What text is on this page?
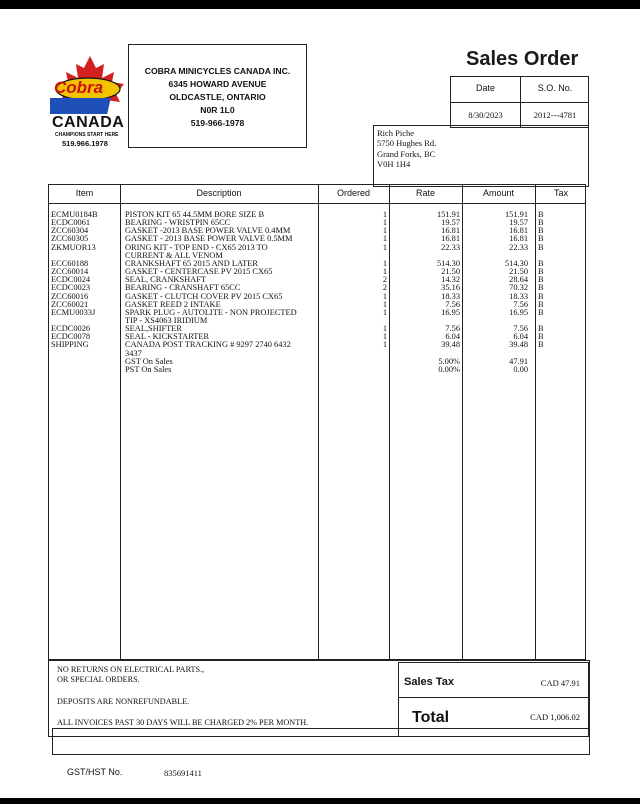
Cobra
CANADA
CHAMPIONS START HERE
519.966.1978
COBRA MINICYCLES CANADA INC.
6345 HOWARD AVENUE
OLDCASTLE, ONTARIO
N0R 1L0
519-966-1978
Sales Order
Date	S.O. No.
8/30/2023	2012---4781
Rich Piche
5750 Hughes Rd.
Grand Forks, BC
V0H 1H4
Item	Description	Ordered	Rate	Amount	Tax
ECMU0184B	PISTON KIT 65 44.5MM BORE SIZE B	1	151.91	151.91 B
ECDC0061	BEARING - WRISTPIN 65CC	1	19.57	19.57 B
ZCC60304	GASKET -2013 BASE POWER VALVE 0.4MM	1	16.81	16.81 B
ZCC60305	GASKET - 2013 BASE POWER VALVE 0.5MM	1	16.81	16.81 B
ZKMUOR13	ORING KIT - TOP END - CX65 2013 TO	1	22.33	22.33 B
CURRENT & ALL VENOM
ECC60188	CRANKSHAFT 65 2015 AND LATER	1	514.30	514.30 B
ZCC60014	GASKET - CENTERCASE PV 2015 CX65	1	21.50	21.50 B
ECDC0024	SEAL, CRANKSHAFT	2	14.32	28.64 B
ECDC0023	BEARING - CRANSHAFT 65CC	2	35.16	70.32 B
ZCC60016	GASKET - CLUTCH COVER PV 2015 CX65	1	18.33	18.33 B
ZCC60021	GASKET REED 2 INTAKE	1	7.56	7.56 B
ECMU0033J	SPARK PLUG - AUTOLITE - NON PROJECTED	1	16.95	16.95 B
TIP - XS4063 IRIDIUM
ECDC0026	SEAL,SHIFTER	1	7.56	7.56 B
ECDC0078	SEAL - KICKSTARTER	1	6.04	6.04 B
SHIPPING	CANADA POST TRACKING # 9297 2740 6432	1	39.48	39.48 B
3437
GST On Sales	5.00%	47.91
PST On Sales	0.00%	0.00
NO RETURNS ON ELECTRICAL PARTS.,
OR SPECIAL ORDERS.
DEPOSITS ARE NONREFUNDABLE.
ALL INVOICES PAST 30 DAYS WILL BE CHARGED 2% PER MONTH.
Sales Tax	CAD 47.91
Total	CAD 1,006.02
GST/HST No.	835691411
